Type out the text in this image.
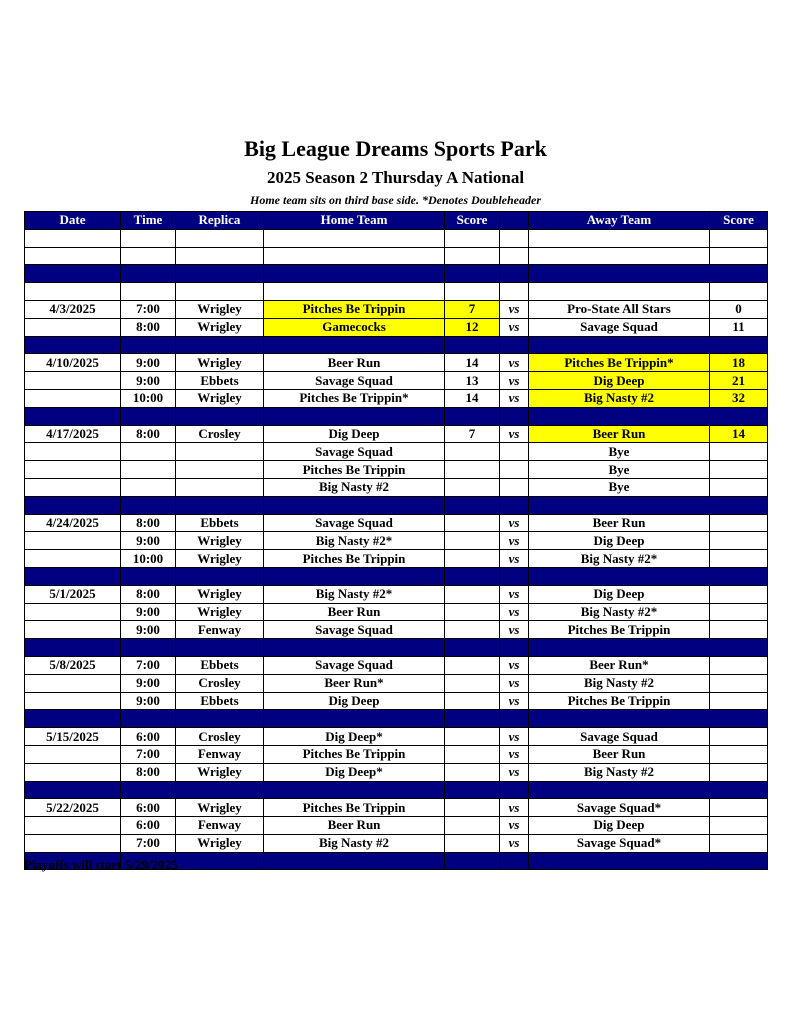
Big League Dreams Sports Park
2025 Season 2 Thursday A National
Home team sits on third base side. *Denotes Doubleheader
Date	Time	Replica	Home Team	Score		Away Team	Score

4/3/2025	7:00	Wrigley	Pitches Be Trippin	7	vs	Pro-State All Stars	0
	8:00	Wrigley	Gamecocks	12	vs	Savage Squad	11

4/10/2025	9:00	Wrigley	Beer Run	14	vs	Pitches Be Trippin*	18
	9:00	Ebbets	Savage Squad	13	vs	Dig Deep	21
	10:00	Wrigley	Pitches Be Trippin*	14	vs	Big Nasty #2	32

4/17/2025	8:00	Crosley	Dig Deep	7	vs	Beer Run	14
			Savage Squad			Bye	
			Pitches Be Trippin			Bye	
			Big Nasty #2			Bye	

4/24/2025	8:00	Ebbets	Savage Squad		vs	Beer Run	
	9:00	Wrigley	Big Nasty #2*		vs	Dig Deep	
	10:00	Wrigley	Pitches Be Trippin		vs	Big Nasty #2*	

5/1/2025	8:00	Wrigley	Big Nasty #2*		vs	Dig Deep	
	9:00	Wrigley	Beer Run		vs	Big Nasty #2*	
	9:00	Fenway	Savage Squad		vs	Pitches Be Trippin	

5/8/2025	7:00	Ebbets	Savage Squad		vs	Beer Run*	
	9:00	Crosley	Beer Run*		vs	Big Nasty #2	
	9:00	Ebbets	Dig Deep		vs	Pitches Be Trippin	

5/15/2025	6:00	Crosley	Dig Deep*		vs	Savage Squad	
	7:00	Fenway	Pitches Be Trippin		vs	Beer Run	
	8:00	Wrigley	Dig Deep*		vs	Big Nasty #2	

5/22/2025	6:00	Wrigley	Pitches Be Trippin		vs	Savage Squad*	
	6:00	Fenway	Beer Run		vs	Dig Deep	
	7:00	Wrigley	Big Nasty #2		vs	Savage Squad*	

Playoffs will start 5/29/2025
